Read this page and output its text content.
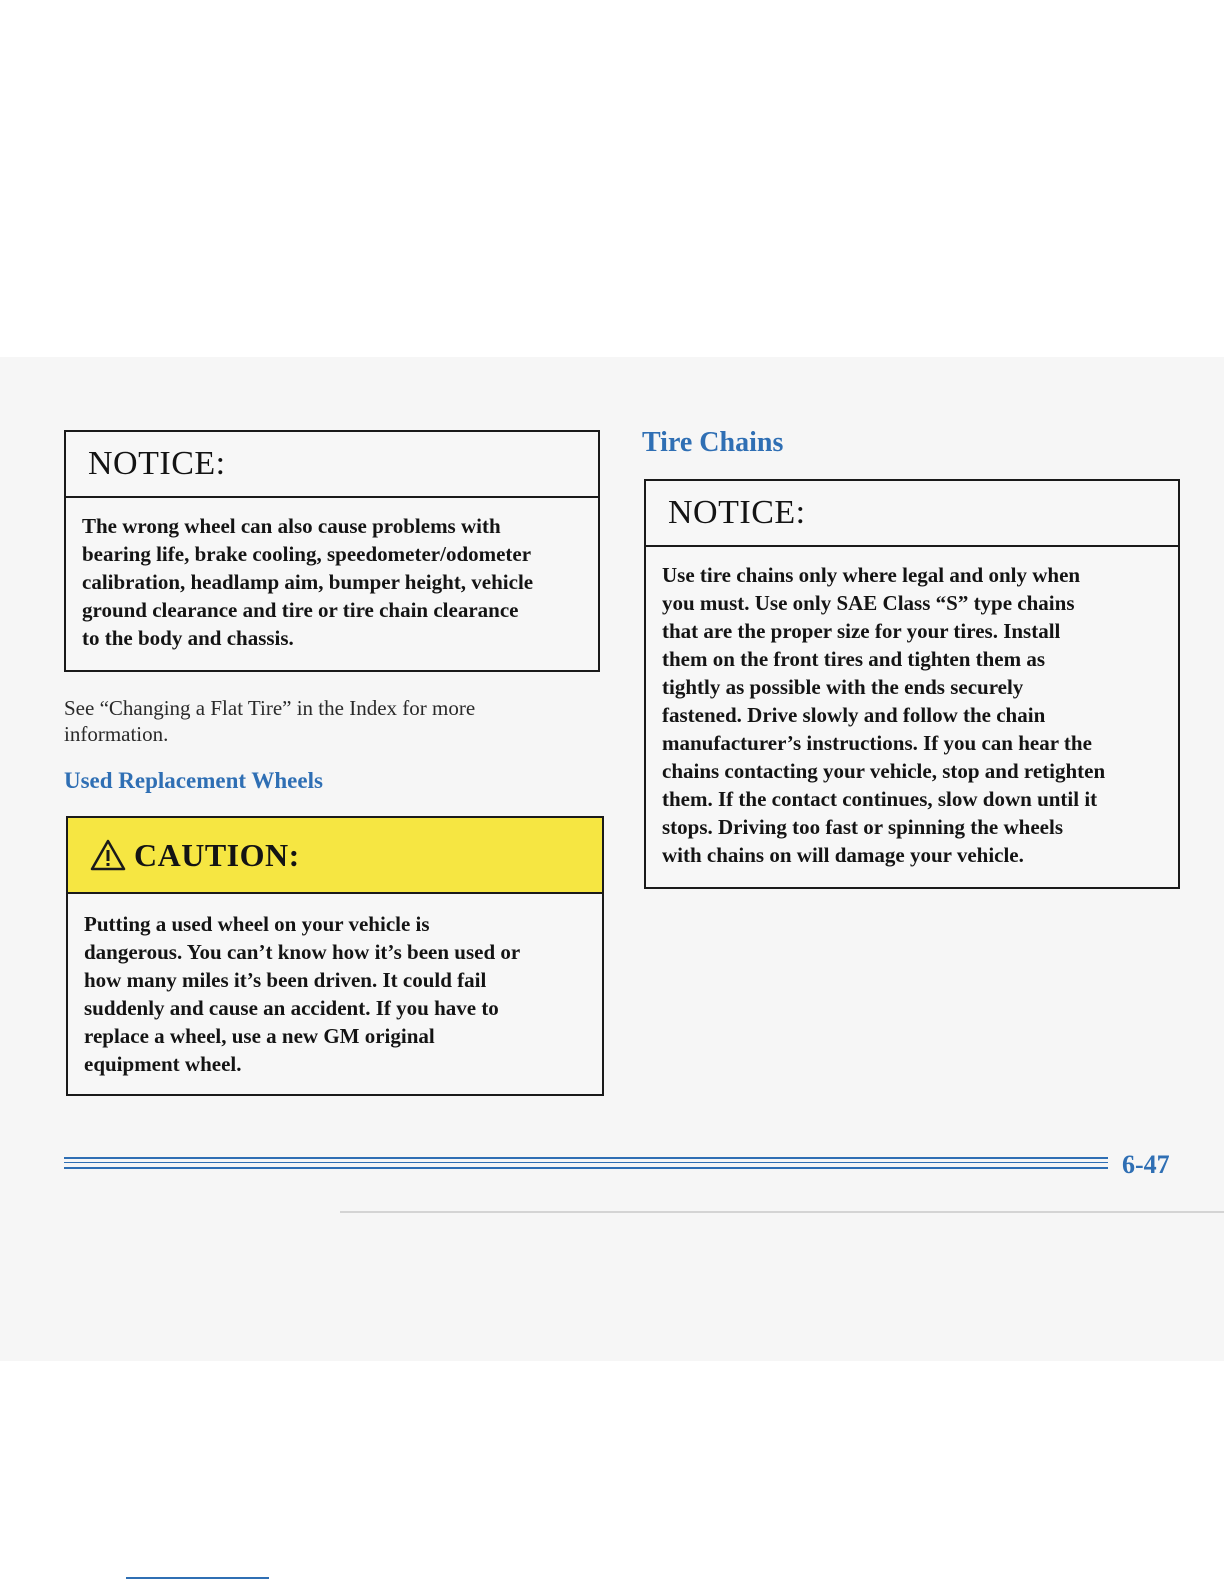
NOTICE:
The wrong wheel can also cause problems with
bearing life, brake cooling, speedometer/odometer
calibration, headlamp aim, bumper height, vehicle
ground clearance and tire or tire chain clearance
to the body and chassis.
See “Changing a Flat Tire” in the Index for more
information.
Used Replacement Wheels
CAUTION:
Putting a used wheel on your vehicle is
dangerous. You can’t know how it’s been used or
how many miles it’s been driven. It could fail
suddenly and cause an accident. If you have to
replace a wheel, use a new GM original
equipment wheel.
Tire Chains
NOTICE:
Use tire chains only where legal and only when
you must. Use only SAE Class “S” type chains
that are the proper size for your tires. Install
them on the front tires and tighten them as
tightly as possible with the ends securely
fastened. Drive slowly and follow the chain
manufacturer’s instructions. If you can hear the
chains contacting your vehicle, stop and retighten
them. If the contact continues, slow down until it
stops. Driving too fast or spinning the wheels
with chains on will damage your vehicle.
6-47
